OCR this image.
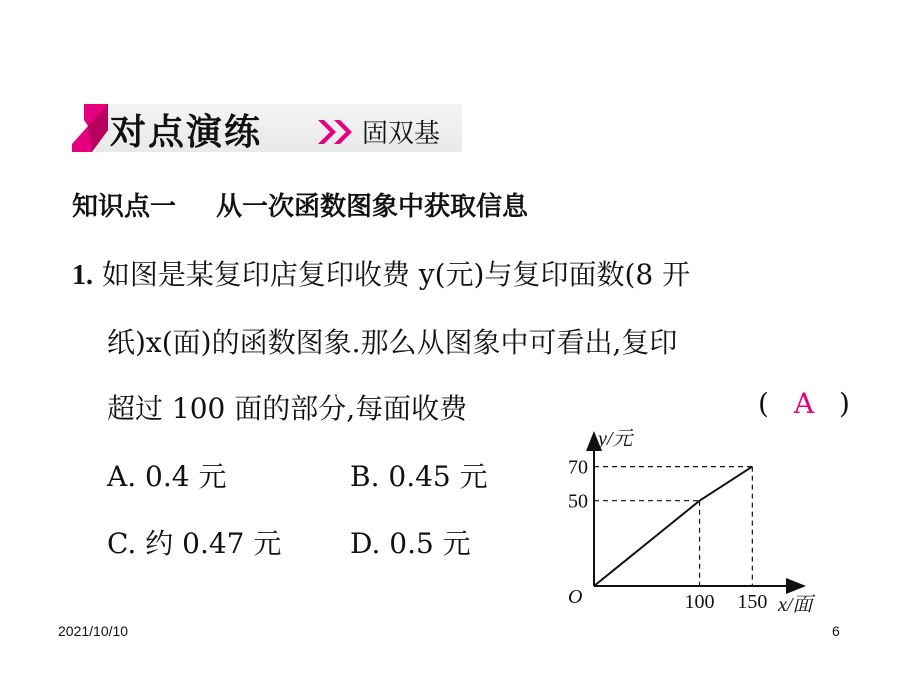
对点演练	固双基
知识点一 从一次函数图象中获取信息
1. 如图是某复印店复印收费 y(元)与复印面数(8 开
纸)x(面)的函数图象.那么从图象中可看出,复印
超过 100 面的部分,每面收费	( A )
A. 0.4 元	B. 0.45 元
C. 约 0.47 元 D. 0.5 元
y/元
x/面
O	100 150
50
70
2021/10/10	6
